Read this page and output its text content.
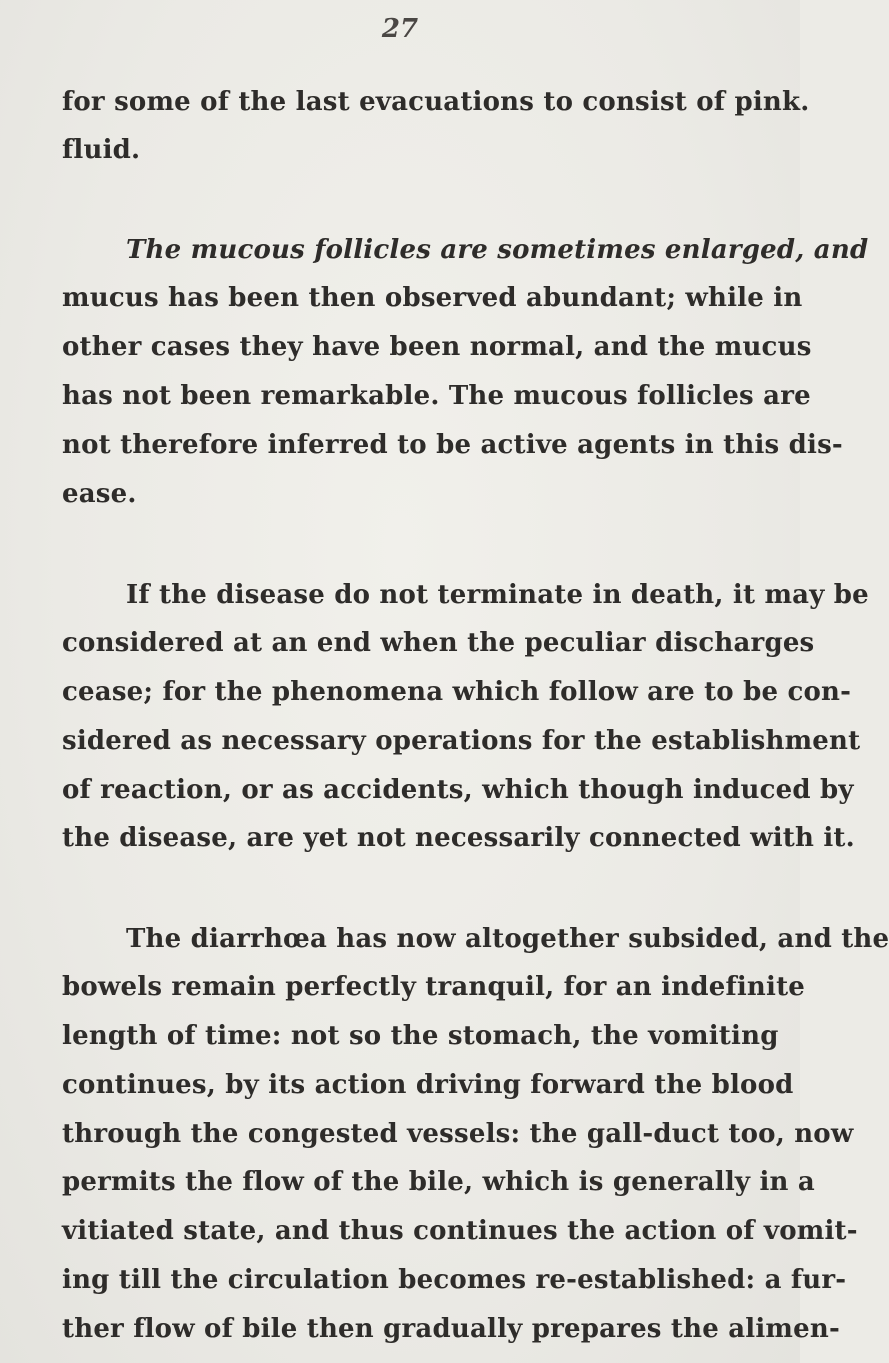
27
for some of the last evacuations to consist of pink.
fluid.
The mucous follicles are sometimes enlarged, and
mucus has been then observed abundant; while in
other cases they have been normal, and the mucus
has not been remarkable. The mucous follicles are
not therefore inferred to be active agents in this dis-
ease.
If the disease do not terminate in death, it may be
considered at an end when the peculiar discharges
cease; for the phenomena which follow are to be con-
sidered as necessary operations for the establishment
of reaction, or as accidents, which though induced by
the disease, are yet not necessarily connected with it.
The diarrhœa has now altogether subsided, and the
bowels remain perfectly tranquil, for an indefinite
length of time: not so the stomach, the vomiting
continues, by its action driving forward the blood
through the congested vessels: the gall-duct too, now
permits the flow of the bile, which is generally in a
vitiated state, and thus continues the action of vomit-
ing till the circulation becomes re-established: a fur-
ther flow of bile then gradually prepares the alimen-
